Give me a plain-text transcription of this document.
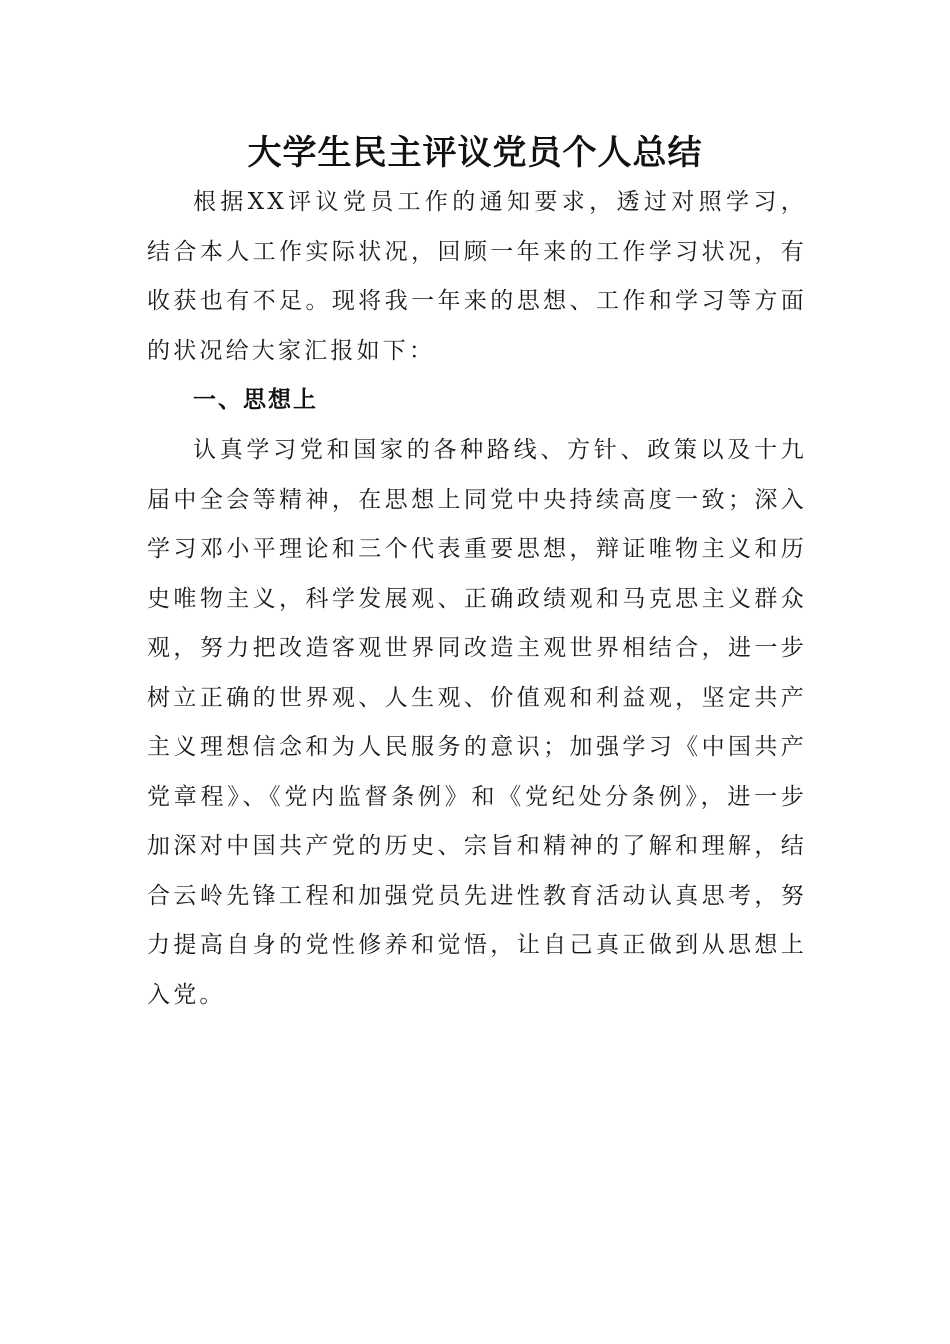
大学生民主评议党员个人总结
根据XX评议党员工作的通知要求，透过对照学习，结合本人工作实际状况，回顾一年来的工作学习状况，有收获也有不足。现将我一年来的思想、工作和学习等方面的状况给大家汇报如下：
一、思想上
认真学习党和国家的各种路线、方针、政策以及十九届中全会等精神，在思想上同党中央持续高度一致；深入学习邓小平理论和三个代表重要思想，辩证唯物主义和历史唯物主义，科学发展观、正确政绩观和马克思主义群众观，努力把改造客观世界同改造主观世界相结合，进一步树立正确的世界观、人生观、价值观和利益观，坚定共产主义理想信念和为人民服务的意识；加强学习《中国共产党章程》、《党内监督条例》和《党纪处分条例》，进一步加深对中国共产党的历史、宗旨和精神的了解和理解，结合云岭先锋工程和加强党员先进性教育活动认真思考，努力提高自身的党性修养和觉悟，让自己真正做到从思想上入党。
